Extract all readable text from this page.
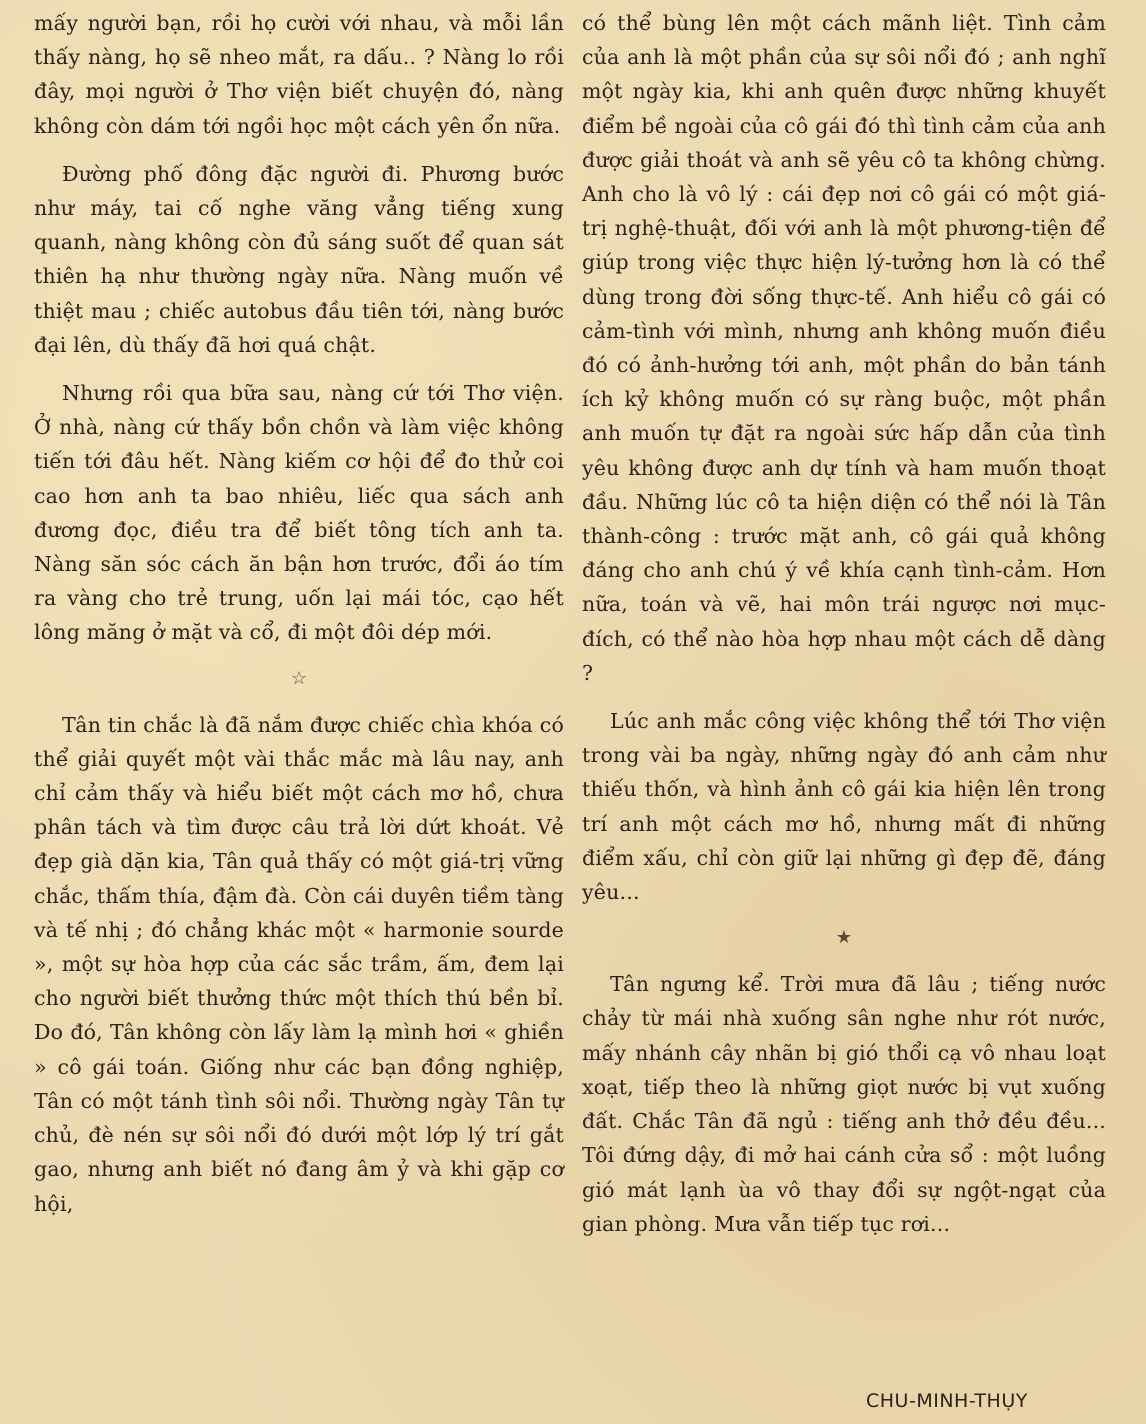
mấy người bạn, rồi họ cười với nhau, và mỗi lần thấy nàng, họ sẽ nheo mắt, ra dấu.. ? Nàng lo rồi đây, mọi người ở Thơ viện biết chuyện đó, nàng không còn dám tới ngồi học một cách yên ổn nữa.

Đường phố đông đặc người đi. Phương bước như máy, tai cố nghe văng vẳng tiếng xung quanh, nàng không còn đủ sáng suốt để quan sát thiên hạ như thường ngày nữa. Nàng muốn về thiệt mau ; chiếc autobus đầu tiên tới, nàng bước đại lên, dù thấy đã hơi quá chật.

Nhưng rồi qua bữa sau, nàng cứ tới Thơ viện. Ở nhà, nàng cứ thấy bồn chồn và làm việc không tiến tới đâu hết. Nàng kiếm cơ hội để đo thử coi cao hơn anh ta bao nhiêu, liếc qua sách anh đương đọc, điều tra để biết tông tích anh ta. Nàng săn sóc cách ăn bận hơn trước, đổi áo tím ra vàng cho trẻ trung, uốn lại mái tóc, cạo hết lông măng ở mặt và cổ, đi một đôi dép mới.

☆

Tân tin chắc là đã nắm được chiếc chìa khóa có thể giải quyết một vài thắc mắc mà lâu nay, anh chỉ cảm thấy và hiểu biết một cách mơ hồ, chưa phân tách và tìm được câu trả lời dứt khoát. Vẻ đẹp già dặn kia, Tân quả thấy có một giá-trị vững chắc, thấm thía, đậm đà. Còn cái duyên tiềm tàng và tế nhị ; đó chẳng khác một « harmonie sourde », một sự hòa hợp của các sắc trầm, ấm, đem lại cho người biết thưởng thức một thích thú bền bỉ. Do đó, Tân không còn lấy làm lạ mình hơi « ghiền » cô gái toán. Giống như các bạn đồng nghiệp, Tân có một tánh tình sôi nổi. Thường ngày Tân tự chủ, đè nén sự sôi nổi đó dưới một lớp lý trí gắt gao, nhưng anh biết nó đang âm ỷ và khi gặp cơ hội,

có thể bùng lên một cách mãnh liệt. Tình cảm của anh là một phần của sự sôi nổi đó ; anh nghĩ một ngày kia, khi anh quên được những khuyết điểm bề ngoài của cô gái đó thì tình cảm của anh được giải thoát và anh sẽ yêu cô ta không chừng. Anh cho là vô lý : cái đẹp nơi cô gái có một giá-trị nghệ-thuật, đối với anh là một phương-tiện để giúp trong việc thực hiện lý-tưởng hơn là có thể dùng trong đời sống thực-tế. Anh hiểu cô gái có cảm-tình với mình, nhưng anh không muốn điều đó có ảnh-hưởng tới anh, một phần do bản tánh ích kỷ không muốn có sự ràng buộc, một phần anh muốn tự đặt ra ngoài sức hấp dẫn của tình yêu không được anh dự tính và ham muốn thoạt đầu. Những lúc cô ta hiện diện có thể nói là Tân thành-công : trước mặt anh, cô gái quả không đáng cho anh chú ý về khía cạnh tình-cảm. Hơn nữa, toán và vẽ, hai môn trái ngược nơi mục-đích, có thể nào hòa hợp nhau một cách dễ dàng ?

Lúc anh mắc công việc không thể tới Thơ viện trong vài ba ngày, những ngày đó anh cảm như thiếu thốn, và hình ảnh cô gái kia hiện lên trong trí anh một cách mơ hồ, nhưng mất đi những điểm xấu, chỉ còn giữ lại những gì đẹp đẽ, đáng yêu...

★

Tân ngưng kể. Trời mưa đã lâu ; tiếng nước chảy từ mái nhà xuống sân nghe như rót nước, mấy nhánh cây nhãn bị gió thổi cạ vô nhau loạt xoạt, tiếp theo là những giọt nước bị vụt xuống đất. Chắc Tân đã ngủ : tiếng anh thở đều đều... Tôi đứng dậy, đi mở hai cánh cửa sổ : một luồng gió mát lạnh ùa vô thay đổi sự ngột-ngạt của gian phòng. Mưa vẫn tiếp tục rơi...

CHU-MINH-THỤY
